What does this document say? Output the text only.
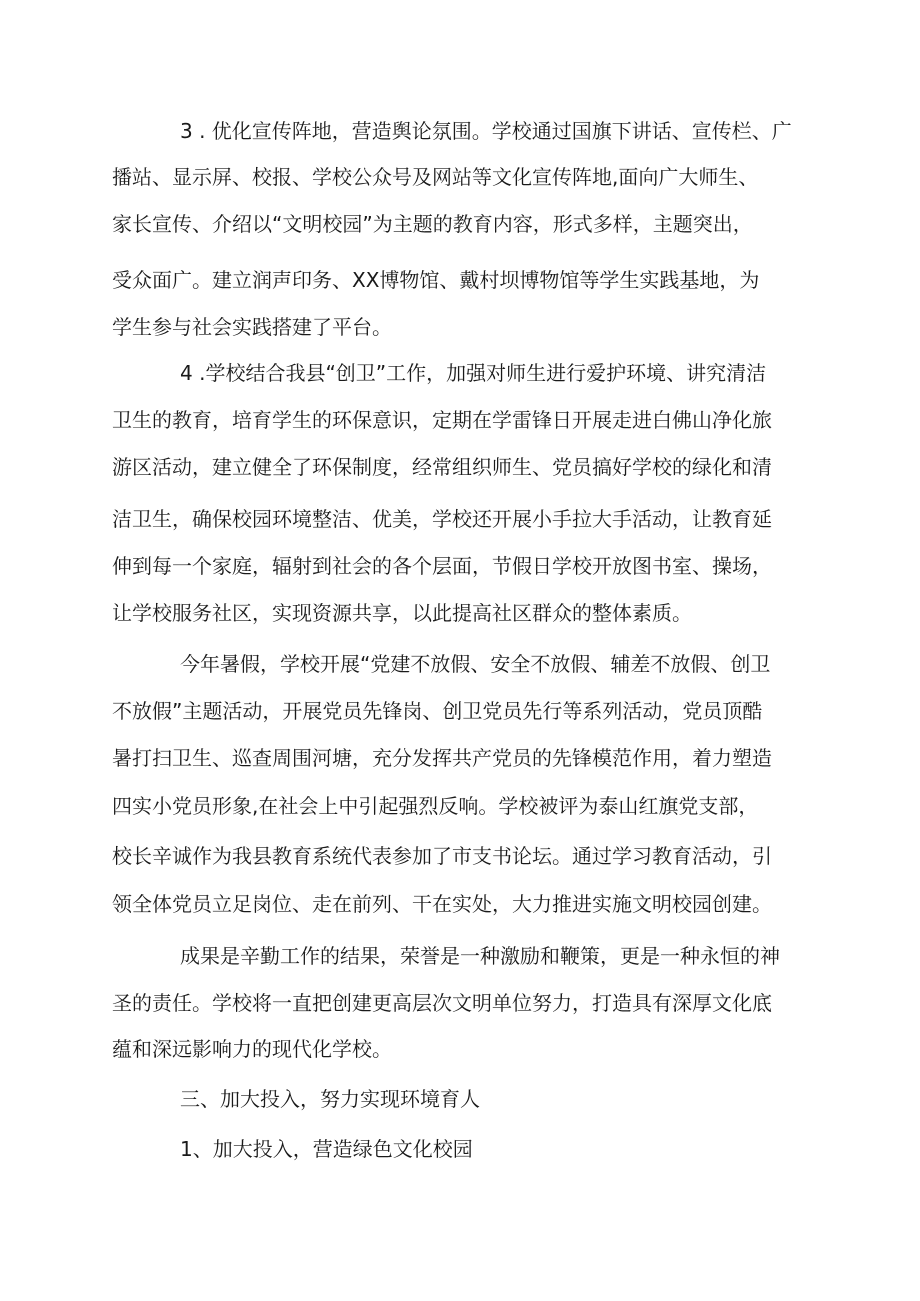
3 . 优化宣传阵地，营造舆论氛围。学校通过国旗下讲话、宣传栏、广
播站、显示屏、校报、学校公众号及网站等文化宣传阵地,面向广大师生、
家长宣传、介绍以“文明校园”为主题的教育内容，形式多样，主题突出，
受众面广。建立润声印务、XX博物馆、戴村坝博物馆等学生实践基地，为
学生参与社会实践搭建了平台。
4 .学校结合我县“创卫”工作，加强对师生进行爱护环境、讲究清洁
卫生的教育，培育学生的环保意识，定期在学雷锋日开展走进白佛山净化旅
游区活动，建立健全了环保制度，经常组织师生、党员搞好学校的绿化和清
洁卫生，确保校园环境整洁、优美，学校还开展小手拉大手活动，让教育延
伸到每一个家庭，辐射到社会的各个层面，节假日学校开放图书室、操场，
让学校服务社区，实现资源共享，以此提高社区群众的整体素质。
今年暑假，学校开展“党建不放假、安全不放假、辅差不放假、创卫
不放假”主题活动，开展党员先锋岗、创卫党员先行等系列活动，党员顶酷
暑打扫卫生、巡查周围河塘，充分发挥共产党员的先锋模范作用，着力塑造
四实小党员形象,在社会上中引起强烈反响。学校被评为泰山红旗党支部，
校长辛诚作为我县教育系统代表参加了市支书论坛。通过学习教育活动，引
领全体党员立足岗位、走在前列、干在实处，大力推进实施文明校园创建。
成果是辛勤工作的结果，荣誉是一种激励和鞭策，更是一种永恒的神
圣的责任。学校将一直把创建更高层次文明单位努力，打造具有深厚文化底
蕴和深远影响力的现代化学校。
三、加大投入，努力实现环境育人
1、加大投入，营造绿色文化校园
